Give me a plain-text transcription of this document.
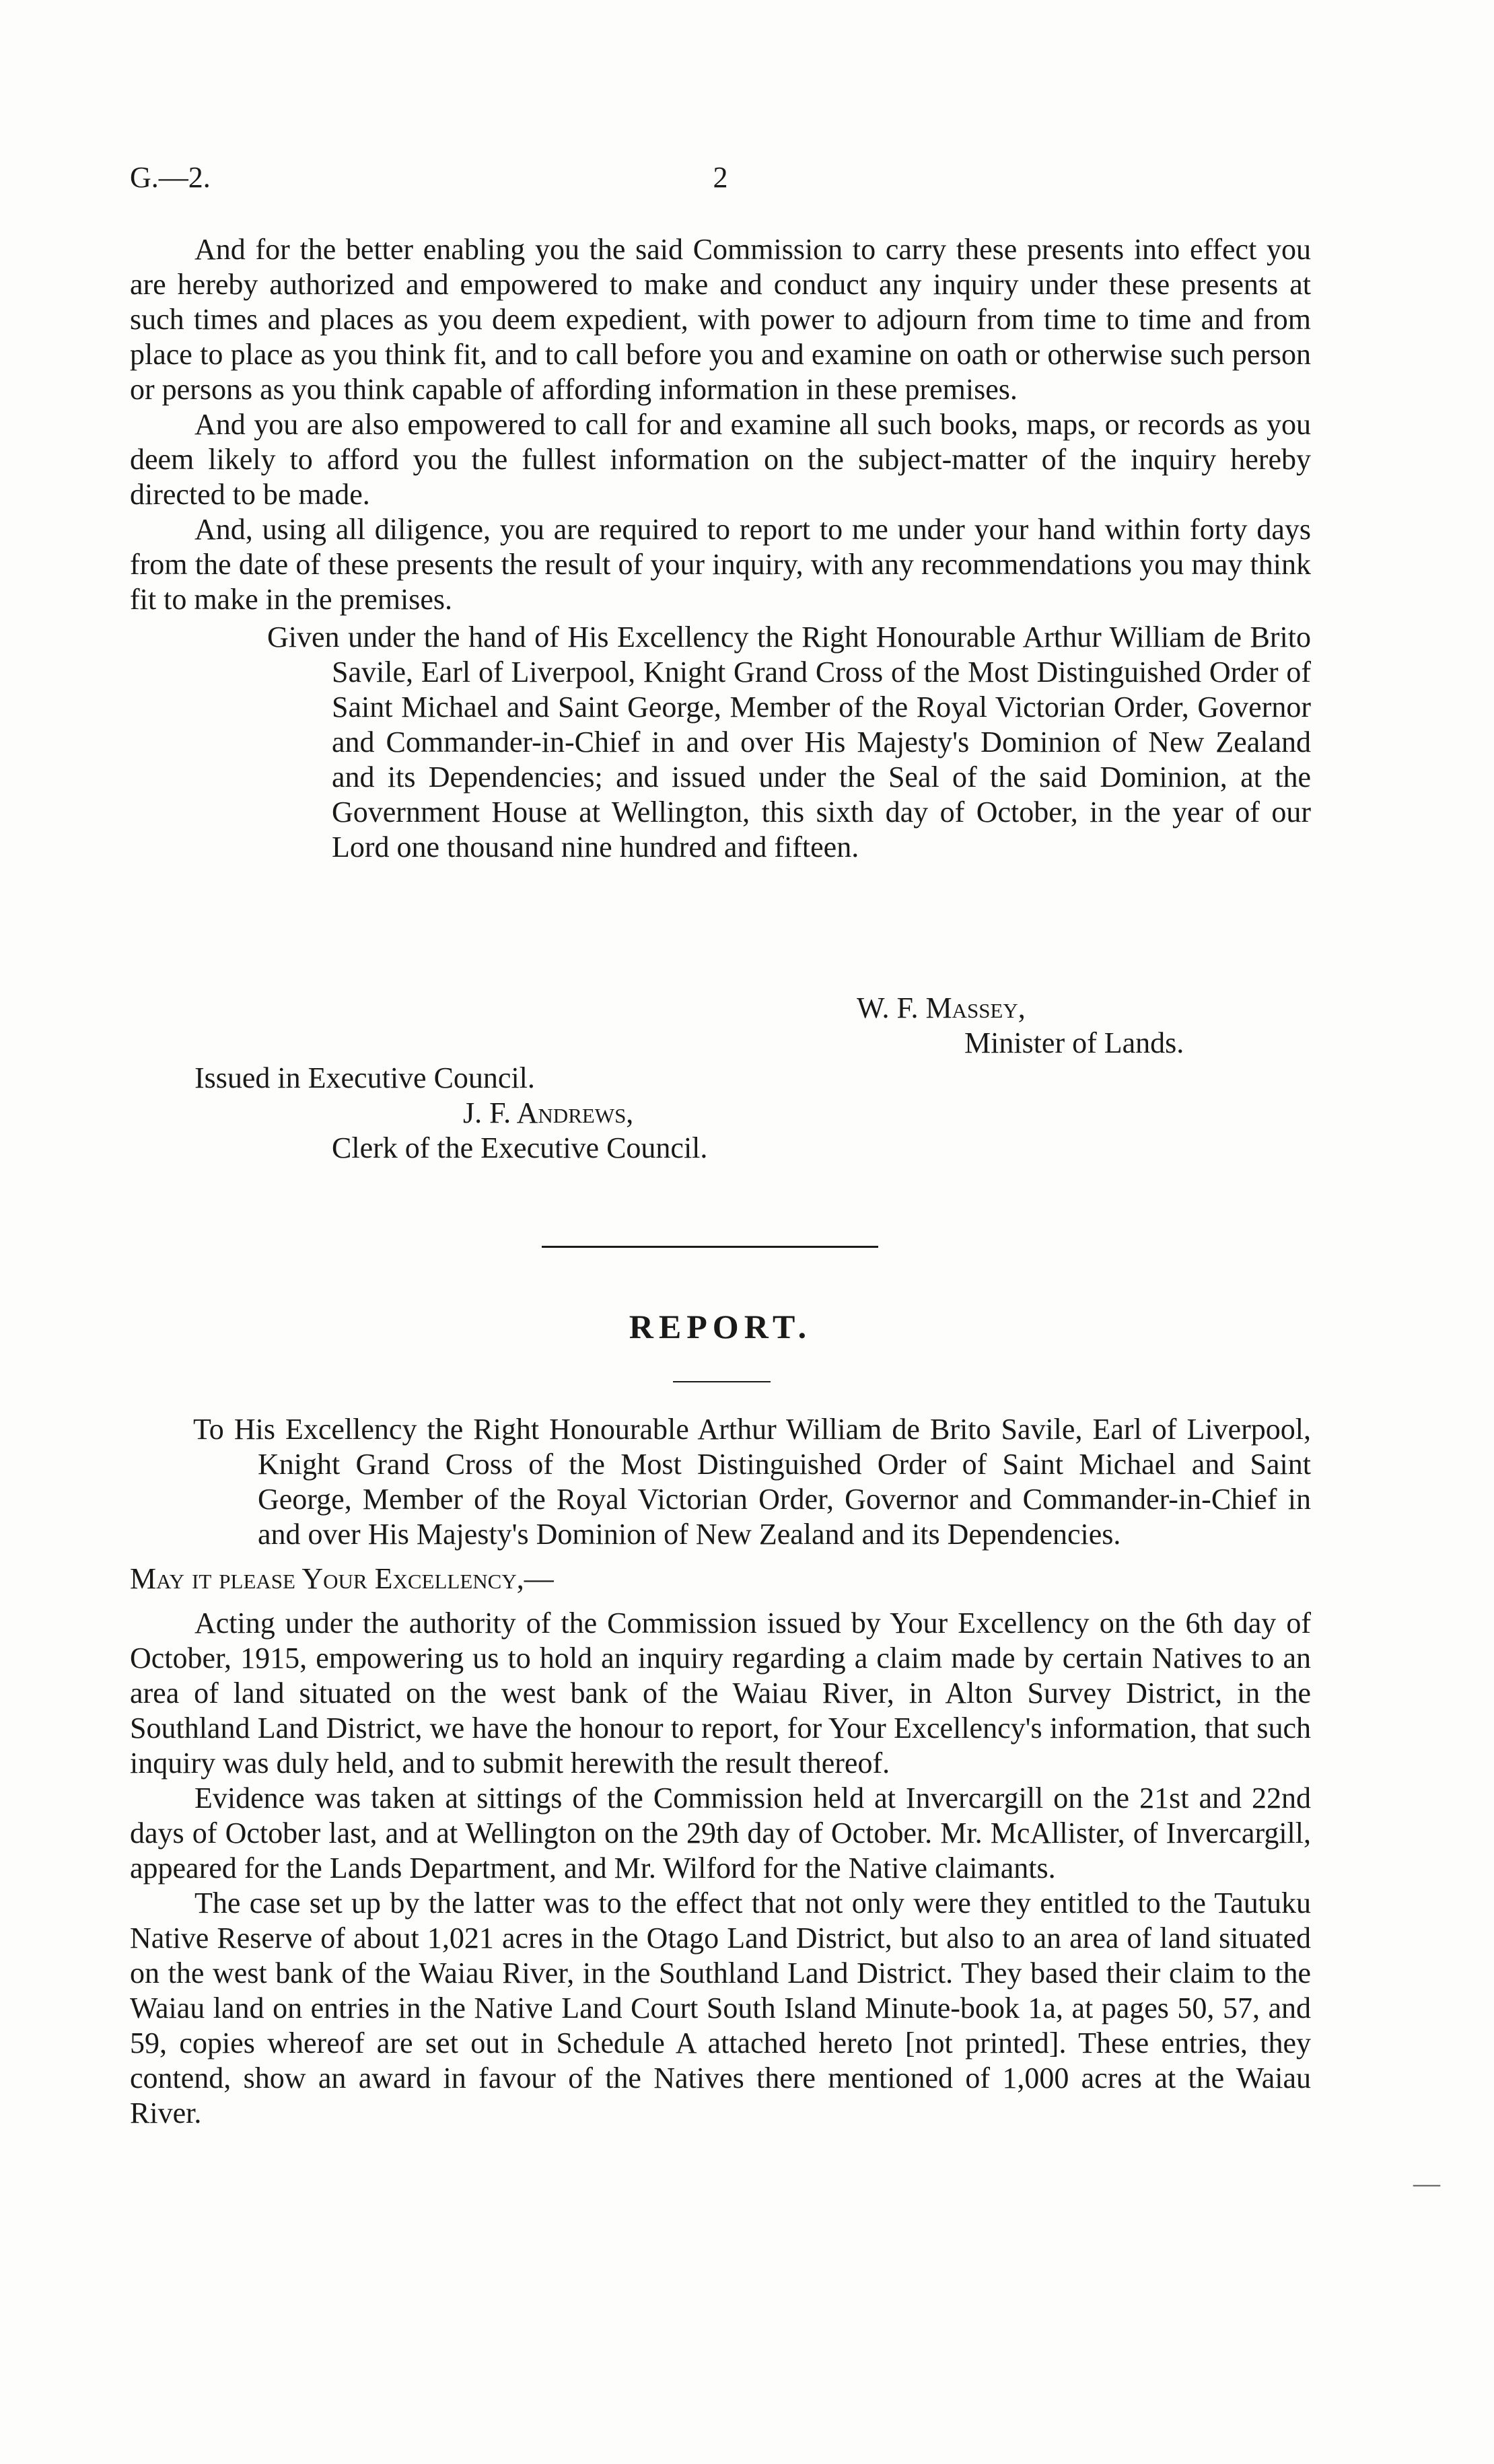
G.—2.	2

And for the better enabling you the said Commission to carry these presents into effect you are hereby authorized and empowered to make and conduct any inquiry under these presents at such times and places as you deem expedient, with power to adjourn from time to time and from place to place as you think fit, and to call before you and examine on oath or otherwise such person or persons as you think capable of affording information in these premises.

And you are also empowered to call for and examine all such books, maps, or records as you deem likely to afford you the fullest information on the subject-matter of the inquiry hereby directed to be made.

And, using all diligence, you are required to report to me under your hand within forty days from the date of these presents the result of your inquiry, with any recommendations you may think fit to make in the premises.

Given under the hand of His Excellency the Right Honourable Arthur William de Brito Savile, Earl of Liverpool, Knight Grand Cross of the Most Distinguished Order of Saint Michael and Saint George, Member of the Royal Victorian Order, Governor and Commander-in-Chief in and over His Majesty's Dominion of New Zealand and its Dependencies; and issued under the Seal of the said Dominion, at the Government House at Wellington, this sixth day of October, in the year of our Lord one thousand nine hundred and fifteen.

W. F. Massey,
Minister of Lands.
Issued in Executive Council.
J. F. Andrews,
Clerk of the Executive Council.
REPORT.

To His Excellency the Right Honourable Arthur William de Brito Savile, Earl of Liverpool, Knight Grand Cross of the Most Distinguished Order of Saint Michael and Saint George, Member of the Royal Victorian Order, Governor and Commander-in-Chief in and over His Majesty's Dominion of New Zealand and its Dependencies.

May it please Your Excellency,—

Acting under the authority of the Commission issued by Your Excellency on the 6th day of October, 1915, empowering us to hold an inquiry regarding a claim made by certain Natives to an area of land situated on the west bank of the Waiau River, in Alton Survey District, in the Southland Land District, we have the honour to report, for Your Excellency's information, that such inquiry was duly held, and to submit herewith the result thereof.

Evidence was taken at sittings of the Commission held at Invercargill on the 21st and 22nd days of October last, and at Wellington on the 29th day of October. Mr. McAllister, of Invercargill, appeared for the Lands Department, and Mr. Wilford for the Native claimants.

The case set up by the latter was to the effect that not only were they entitled to the Tautuku Native Reserve of about 1,021 acres in the Otago Land District, but also to an area of land situated on the west bank of the Waiau River, in the Southland Land District. They based their claim to the Waiau land on entries in the Native Land Court South Island Minute-book 1a, at pages 50, 57, and 59, copies whereof are set out in Schedule A attached hereto [not printed]. These entries, they contend, show an award in favour of the Natives there mentioned of 1,000 acres at the Waiau River.

—
